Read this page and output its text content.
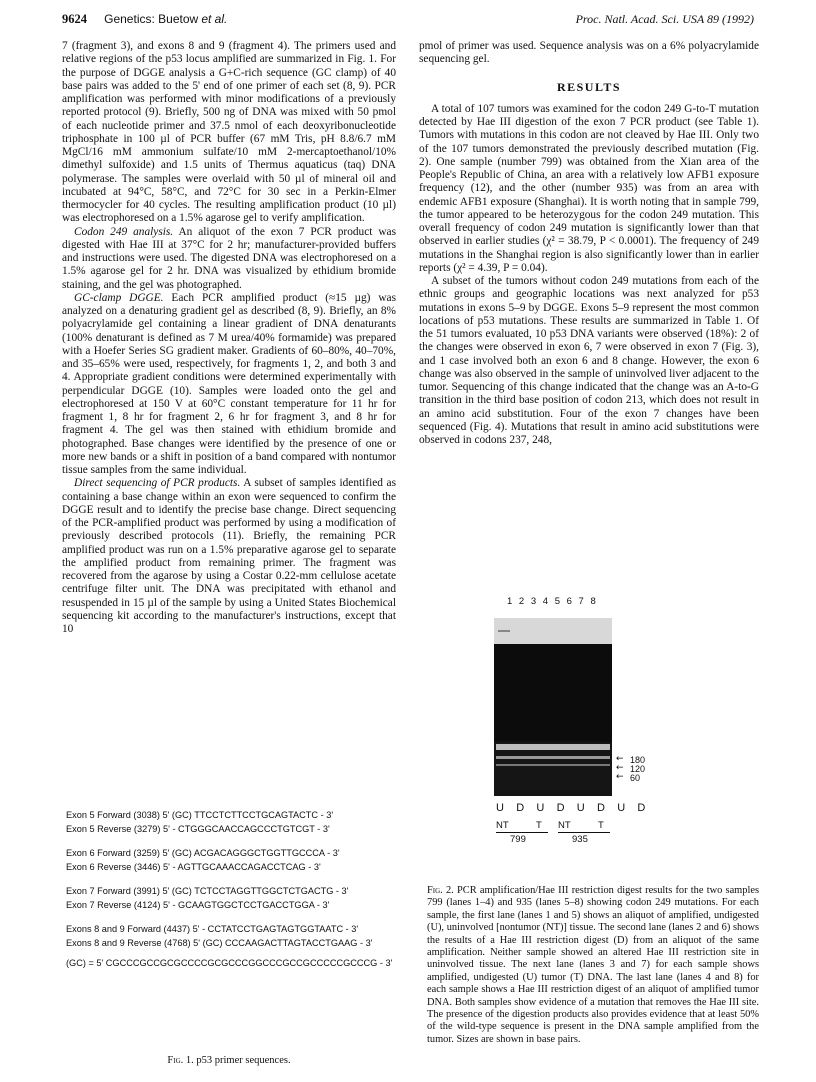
9624 Genetics: Buetow et al.	Proc. Natl. Acad. Sci. USA 89 (1992)

7 (fragment 3), and exons 8 and 9 (fragment 4). The primers used and relative regions of the p53 locus amplified are summarized in Fig. 1. For the purpose of DGGE analysis a G+C-rich sequence (GC clamp) of 40 base pairs was added to the 5' end of one primer of each set (8, 9). PCR amplification was performed with minor modifications of a previously reported protocol (9). Briefly, 500 ng of DNA was mixed with 50 pmol of each nucleotide primer and 37.5 nmol of each deoxyribonucleotide triphosphate in 100 µl of PCR buffer (67 mM Tris, pH 8.8/6.7 mM MgCl/16 mM ammonium sulfate/10 mM 2-mercaptoethanol/10% dimethyl sulfoxide) and 1.5 units of Thermus aquaticus (taq) DNA polymerase. The samples were overlaid with 50 µl of mineral oil and incubated at 94°C, 58°C, and 72°C for 30 sec in a Perkin-Elmer thermocycler for 40 cycles. The resulting amplification product (10 µl) was electrophoresed on a 1.5% agarose gel to verify amplification.

Codon 249 analysis. An aliquot of the exon 7 PCR product was digested with Hae III at 37°C for 2 hr; manufacturer-provided buffers and instructions were used. The digested DNA was electrophoresed on a 1.5% agarose gel for 2 hr. DNA was visualized by ethidium bromide staining, and the gel was photographed.

GC-clamp DGGE. Each PCR amplified product (≈15 µg) was analyzed on a denaturing gradient gel as described (8, 9). Briefly, an 8% polyacrylamide gel containing a linear gradient of DNA denaturants (100% denaturant is defined as 7 M urea/40% formamide) was prepared with a Hoefer Series SG gradient maker. Gradients of 60–80%, 40–70%, and 35–65% were used, respectively, for fragments 1, 2, and both 3 and 4. Appropriate gradient conditions were determined experimentally with perpendicular DGGE (10). Samples were loaded onto the gel and electrophoresed at 150 V at 60°C constant temperature for 11 hr for fragment 1, 8 hr for fragment 2, 6 hr for fragment 3, and 8 hr for fragment 4. The gel was then stained with ethidium bromide and photographed. Base changes were identified by the presence of one or more new bands or a shift in position of a band compared with nontumor tissue samples from the same individual.

Direct sequencing of PCR products. A subset of samples identified as containing a base change within an exon were sequenced to confirm the DGGE result and to identify the precise base change. Direct sequencing of the PCR-amplified product was performed by using a modification of previously described protocols (11). Briefly, the remaining PCR amplified product was run on a 1.5% preparative agarose gel to separate the amplified product from remaining primer. The fragment was recovered from the agarose by using a Costar 0.22-mm cellulose acetate centrifuge filter unit. The DNA was precipitated with ethanol and resuspended in 15 µl of the sample by using a United States Biochemical sequencing kit according to the manufacturer's instructions, except that 10

pmol of primer was used. Sequence analysis was on a 6% polyacrylamide sequencing gel.

RESULTS

A total of 107 tumors was examined for the codon 249 G-to-T mutation detected by Hae III digestion of the exon 7 PCR product (see Table 1). Tumors with mutations in this codon are not cleaved by Hae III. Only two of the 107 tumors demonstrated the previously described mutation (Fig. 2). One sample (number 799) was obtained from the Xian area of the People's Republic of China, an area with a relatively low AFB1 exposure frequency (12), and the other (number 935) was from an area with endemic AFB1 exposure (Shanghai). It is worth noting that in sample 799, the tumor appeared to be heterozygous for the codon 249 mutation. This overall frequency of codon 249 mutation is significantly lower than that observed in earlier studies (χ² = 38.79, P < 0.0001). The frequency of 249 mutations in the Shanghai region is also significantly lower than in earlier reports (χ² = 4.39, P = 0.04).

A subset of the tumors without codon 249 mutations from each of the ethnic groups and geographic locations was next analyzed for p53 mutations in exons 5–9 by DGGE. Exons 5–9 represent the most common locations of p53 mutations. These results are summarized in Table 1. Of the 51 tumors evaluated, 10 p53 DNA variants were observed (18%): 2 of the changes were observed in exon 6, 7 were observed in exon 7 (Fig. 3), and 1 case involved both an exon 6 and 8 change. However, the exon 6 change was also observed in the sample of uninvolved liver adjacent to the tumor. Sequencing of this change indicated that the change was an A-to-G transition in the third base position of codon 213, which does not result in an amino acid substitution. Four of the exon 7 changes have been sequenced (Fig. 4). Mutations that result in amino acid substitutions were observed in codons 237, 248,

Exon 5 Forward (3038) 5' (GC) TTCCTCTTCCTGCAGTACTC - 3'
Exon 5 Reverse (3279) 5' - CTGGGCAACCAGCCCTGTCGT - 3'
Exon 6 Forward (3259) 5' (GC) ACGACAGGGCTGGTTGCCCA - 3'
Exon 6 Reverse (3446) 5' - AGTTGCAAACCAGACCTCAG - 3'
Exon 7 Forward (3991) 5' (GC) TCTCCTAGGTTGGCTCTGACTG - 3'
Exon 7 Reverse (4124) 5' - GCAAGTGGCTCCTGACCTGGA - 3'
Exons 8 and 9 Forward (4437) 5' - CCTATCCTGAGTAGTGGTAATC - 3'
Exons 8 and 9 Reverse (4768) 5' (GC) CCCAAGACTTAGTACCTGAAG - 3'
(GC) = 5' CGCCCGCCGCGCCCCGCGCCCGGCCCGCCGCCCCCGCCCG - 3'
Fig. 1. p53 primer sequences.
1 2 3 4 5 6 7 8
← 180
← 120
← 60
U D U D U D U D
NT	T NT	T
799	935
Fig. 2. PCR amplification/Hae III restriction digest results for the two samples 799 (lanes 1–4) and 935 (lanes 5–8) showing codon 249 mutations. For each sample, the first lane (lanes 1 and 5) shows an aliquot of amplified, undigested (U), uninvolved [nontumor (NT)] tissue. The second lane (lanes 2 and 6) shows the results of a Hae III restriction digest (D) from an aliquot of the same amplification. Neither sample showed an altered Hae III restriction site in uninvolved tissue. The next lane (lanes 3 and 7) for each sample shows amplified, undigested (U) tumor (T) DNA. The last lane (lanes 4 and 8) for each sample shows a Hae III restriction digest of an aliquot of amplified tumor DNA. Both samples show evidence of a mutation that removes the Hae III site. The presence of the digestion products also provides evidence that at least 50% of the wild-type sequence is present in the DNA sample amplified from the tumor. Sizes are shown in base pairs.
